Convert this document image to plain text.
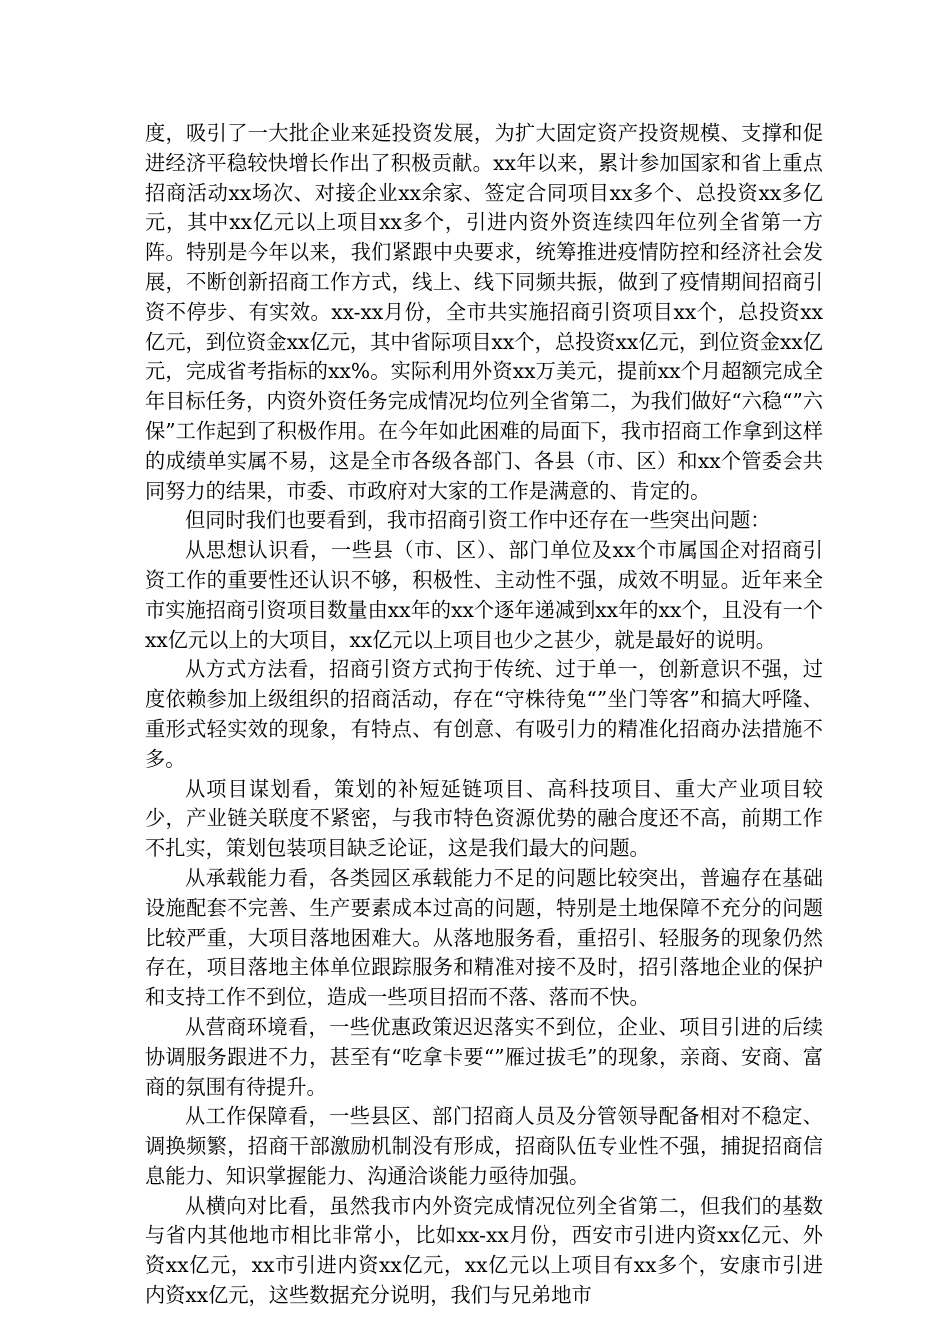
度，吸引了一大批企业来延投资发展，为扩大固定资产投资规模、支撑和促进经济平稳较快增长作出了积极贡献。xx年以来，累计参加国家和省上重点招商活动xx场次、对接企业xx余家、签定合同项目xx多个、总投资xx多亿元，其中xx亿元以上项目xx多个，引进内资外资连续四年位列全省第一方阵。特别是今年以来，我们紧跟中央要求，统筹推进疫情防控和经济社会发展，不断创新招商工作方式，线上、线下同频共振，做到了疫情期间招商引资不停步、有实效。xx-xx月份，全市共实施招商引资项目xx个，总投资xx亿元，到位资金xx亿元，其中省际项目xx个，总投资xx亿元，到位资金xx亿元，完成省考指标的xx%。实际利用外资xx万美元，提前xx个月超额完成全年目标任务，内资外资任务完成情况均位列全省第二，为我们做好“六稳“”六保”工作起到了积极作用。在今年如此困难的局面下，我市招商工作拿到这样的成绩单实属不易，这是全市各级各部门、各县（市、区）和xx个管委会共同努力的结果，市委、市政府对大家的工作是满意的、肯定的。

但同时我们也要看到，我市招商引资工作中还存在一些突出问题：

从思想认识看，一些县（市、区）、部门单位及xx个市属国企对招商引资工作的重要性还认识不够，积极性、主动性不强，成效不明显。近年来全市实施招商引资项目数量由xx年的xx个逐年递减到xx年的xx个，且没有一个xx亿元以上的大项目，xx亿元以上项目也少之甚少，就是最好的说明。

从方式方法看，招商引资方式拘于传统、过于单一，创新意识不强，过度依赖参加上级组织的招商活动，存在“守株待兔“”坐门等客”和搞大呼隆、重形式轻实效的现象，有特点、有创意、有吸引力的精准化招商办法措施不多。

从项目谋划看，策划的补短延链项目、高科技项目、重大产业项目较少，产业链关联度不紧密，与我市特色资源优势的融合度还不高，前期工作不扎实，策划包装项目缺乏论证，这是我们最大的问题。

从承载能力看，各类园区承载能力不足的问题比较突出，普遍存在基础设施配套不完善、生产要素成本过高的问题，特别是土地保障不充分的问题比较严重，大项目落地困难大。从落地服务看，重招引、轻服务的现象仍然存在，项目落地主体单位跟踪服务和精准对接不及时，招引落地企业的保护和支持工作不到位，造成一些项目招而不落、落而不快。

从营商环境看，一些优惠政策迟迟落实不到位，企业、项目引进的后续协调服务跟进不力，甚至有“吃拿卡要“”雁过拔毛”的现象，亲商、安商、富商的氛围有待提升。

从工作保障看，一些县区、部门招商人员及分管领导配备相对不稳定、调换频繁，招商干部激励机制没有形成，招商队伍专业性不强，捕捉招商信息能力、知识掌握能力、沟通洽谈能力亟待加强。

从横向对比看，虽然我市内外资完成情况位列全省第二，但我们的基数与省内其他地市相比非常小，比如xx-xx月份，西安市引进内资xx亿元、外资xx亿元，xx市引进内资xx亿元，xx亿元以上项目有xx多个，安康市引进内资xx亿元，这些数据充分说明，我们与兄弟地市
